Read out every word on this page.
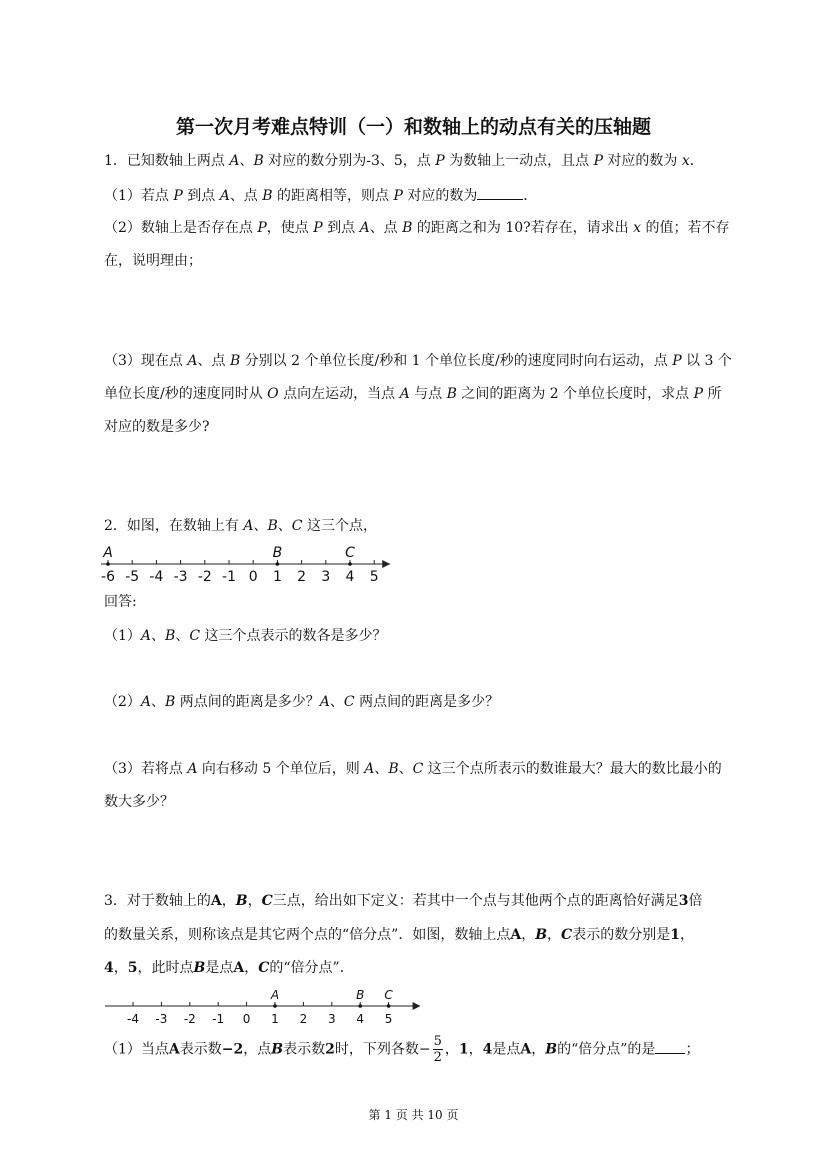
第一次月考难点特训（一）和数轴上的动点有关的压轴题
1．已知数轴上两点 A、B 对应的数分别为-3、5，点 P 为数轴上一动点，且点 P 对应的数为 x．
（1）若点 P 到点 A、点 B 的距离相等，则点 P 对应的数为	．
（2）数轴上是否存在点 P，使点 P 到点 A、点 B 的距离之和为 10?若存在，请求出 x 的值；若不存
在，说明理由；
（3）现在点 A、点 B 分别以 2 个单位长度/秒和 1 个单位长度/秒的速度同时向右运动，点 P 以 3 个
单位长度/秒的速度同时从 O 点向左运动，当点 A 与点 B 之间的距离为 2 个单位长度时，求点 P 所
对应的数是多少?
2．如图，在数轴上有 A、B、C 这三个点，
-6 -5 -4 -3 -2 -1 0 1 2 3 4 5
A	B	C
回答:
（1）A、B、C 这三个点表示的数各是多少？
（2）A、B 两点间的距离是多少？A、C 两点间的距离是多少？
（3）若将点 A 向右移动 5 个单位后，则 A、B、C 这三个点所表示的数谁最大？最大的数比最小的
数大多少？
3．对于数轴上的A，B，C三点，给出如下定义：若其中一个点与其他两个点的距离恰好满足3倍
的数量关系，则称该点是其它两个点的“倍分点”．如图，数轴上点A，B，C表示的数分别是1，
4，5，此时点B是点A，C的“倍分点”．
-4 -3 -2 -1 0 1 2 3 4 5
A	B C
（1）当点A表示数−2，点B表示数2时，下列各数− $\frac{5}{2}$ ，1，4是点A，B的“倍分点”的是 ；
第 1 页 共 10 页
